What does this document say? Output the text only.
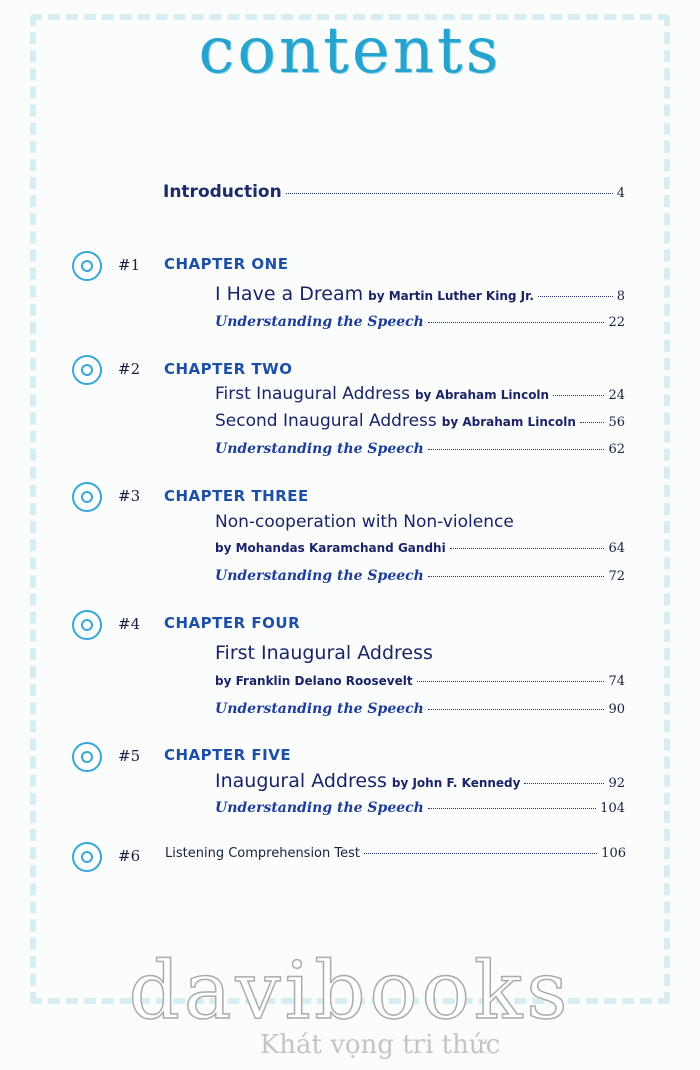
contents
Introduction	4
#1 CHAPTER ONE
I Have a Dream by Martin Luther King Jr.	8
Understanding the Speech	22
#2 CHAPTER TWO
First Inaugural Address by Abraham Lincoln	24
Second Inaugural Address by Abraham Lincoln	56
Understanding the Speech	62
#3 CHAPTER THREE
Non-cooperation with Non-violence
by Mohandas Karamchand Gandhi	64
Understanding the Speech	72
#4 CHAPTER FOUR
First Inaugural Address
by Franklin Delano Roosevelt	74
Understanding the Speech	90
#5 CHAPTER FIVE
Inaugural Address by John F. Kennedy	92
Understanding the Speech	104
#6 Listening Comprehension Test	106
davibooks
Khát vọng tri thức
